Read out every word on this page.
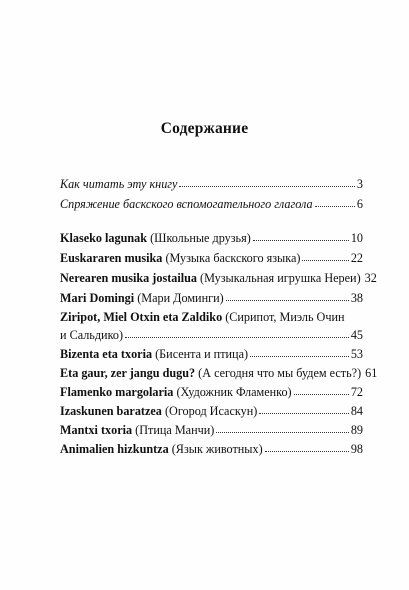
Содержание
Как читать эту книгу	3
Спряжение баскского вспомогательного глагола	6
Klaseko lagunak (Школьные друзья)	10
Euskararen musika (Музыка баскского языка)	22
Nerearen musika jostailua (Музыкальная игрушка Нереи) 32
Mari Domingi (Мари Доминги)	38
Ziripot, Miel Otxin eta Zaldiko (Сирипот, Миэль Очин
и Сальдико)	45
Bizenta eta txoria (Бисента и птица)	53
Eta gaur, zer jangu dugu? (А сегодня что мы будем есть?) 61
Flamenko margolaria (Художник Фламенко)	72
Izaskunen baratzea (Огород Исаскун)	84
Mantxi txoria (Птица Манчи)	89
Animalien hizkuntza (Язык животных)	98
